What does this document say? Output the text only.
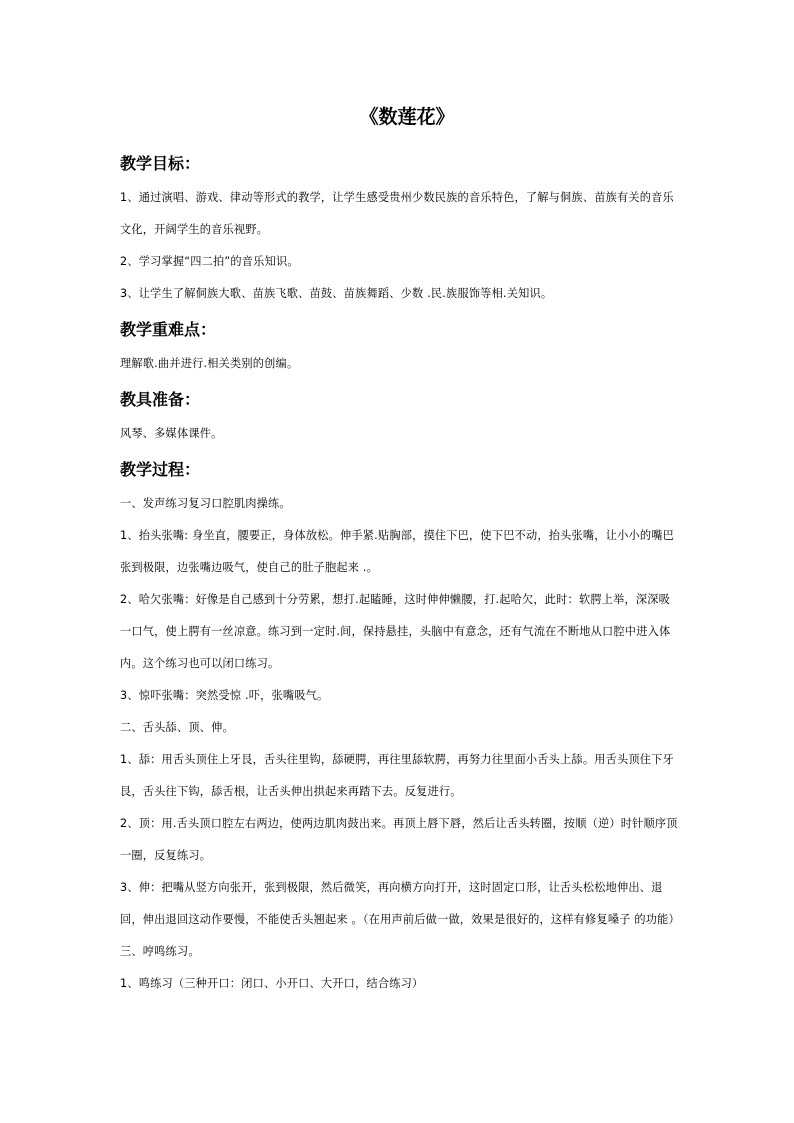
《数莲花》
教学目标：

1、通过演唱、游戏、律动等形式的教学，让学生感受贵州少数民族的音乐特色，了解与侗族、苗族有关的音乐文化，开阔学生的音乐视野。

2、学习掌握“四二拍”的音乐知识。

3、让学生了解侗族大歌、苗族飞歌、苗鼓、苗族舞蹈、少数 .民.族服饰等相.关知识。

教学重难点：

理解歌.曲并进行.相关类别的创编。

教具准备：

风琴、多媒体课件。

教学过程：

一、发声练习复习口腔肌肉操练。

1、抬头张嘴: 身坐直，腰要正，身体放松。伸手紧.贴胸部，摸住下巴，使下巴不动，抬头张嘴，让小小的嘴巴张到极限，边张嘴边吸气，使自己的肚子胞起来 .。

2、哈欠张嘴：好像是自己感到十分劳累，想打.起瞌睡，这时伸伸懒腰，打.起哈欠，此时：软腭上举，深深吸一口气，使上腭有一丝凉意。练习到一定时.间，保持悬挂，头脑中有意念，还有气流在不断地从口腔中进入体内。这个练习也可以闭口练习。

3、惊吓张嘴：突然受惊 .吓，张嘴吸气。

二、舌头舔、顶、伸。

1、舔：用舌头顶住上牙艮，舌头往里钩，舔硬腭，再往里舔软腭，再努力往里面小舌头上舔。用舌头顶住下牙艮，舌头往下钩，舔舌根，让舌头伸出拱起来再踏下去。反复进行。

2、顶：用.舌头顶口腔左右两边，使两边肌肉鼓出来。再顶上唇下唇，然后让舌头转圈，按顺（逆）时针顺序顶一圈，反复练习。

3、伸：把嘴从竖方向张开，张到极限，然后微笑，再向横方向打开，这时固定口形，让舌头松松地伸出、退回，伸出退回这动作要慢，不能使舌头翘起来 。（在用声前后做一做，效果是很好的，这样有修复嗓子 的功能）

三、哼鸣练习。

1、鸣练习（三种开口：闭口、小开口、大开口，结合练习）
